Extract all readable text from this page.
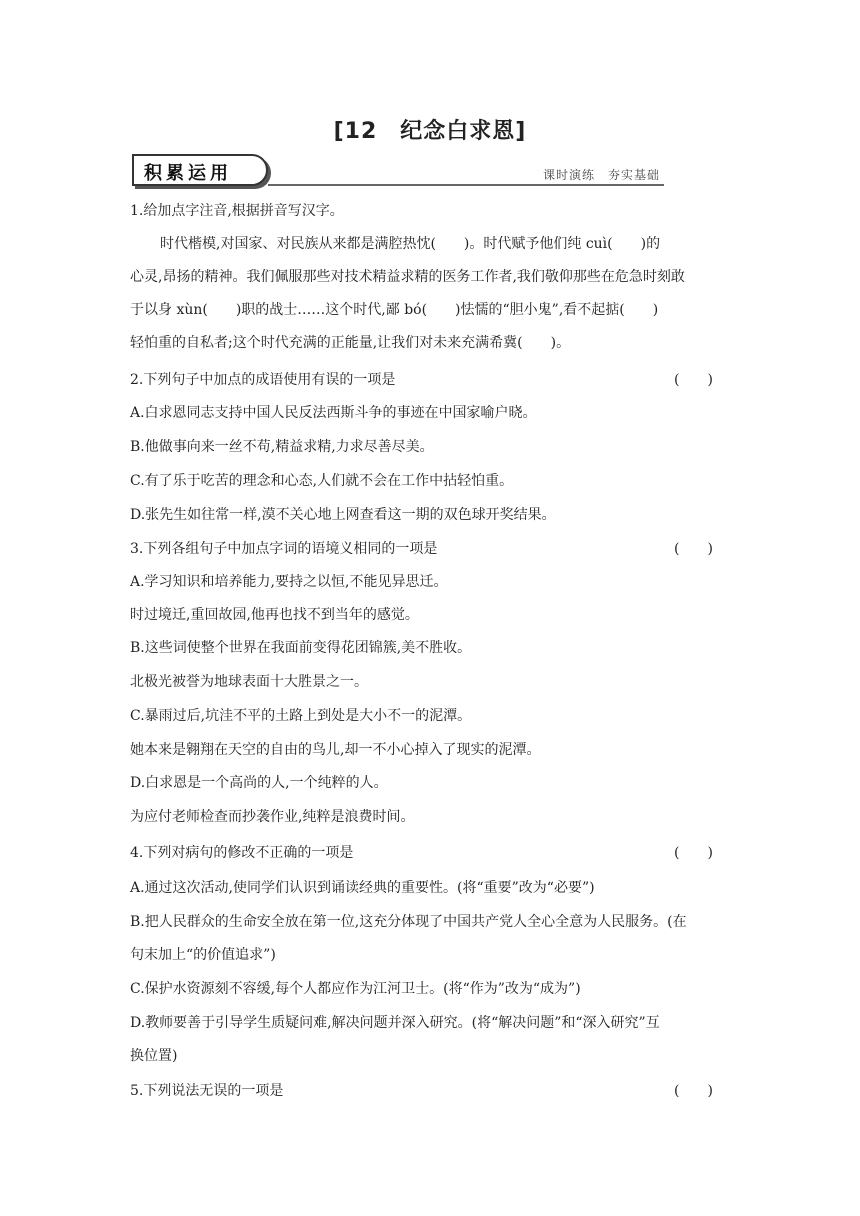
[12　纪念白求恩]
积累运用	课时演练　夯实基础
1.给加点字注音,根据拼音写汉字。
时代楷模,对国家、对民族从来都是满腔热忱(　　)。时代赋予他们纯 cuì(　　)的
心灵,昂扬的精神。我们佩服那些对技术精益求精的医务工作者,我们敬仰那些在危急时刻敢
于以身 xùn(　　)职的战士……这个时代,鄙 bó(　　)怯懦的“胆小鬼”,看不起掂(　　)
轻怕重的自私者;这个时代充满的正能量,让我们对未来充满希冀(　　)。
2.下列句子中加点的成语使用有误的一项是	(　　)
A.白求恩同志支持中国人民反法西斯斗争的事迹在中国家喻户晓。
B.他做事向来一丝不苟,精益求精,力求尽善尽美。
C.有了乐于吃苦的理念和心态,人们就不会在工作中拈轻怕重。
D.张先生如往常一样,漠不关心地上网查看这一期的双色球开奖结果。
3.下列各组句子中加点字词的语境义相同的一项是	(　　)
A.学习知识和培养能力,要持之以恒,不能见异思迁。
时过境迁,重回故园,他再也找不到当年的感觉。
B.这些词使整个世界在我面前变得花团锦簇,美不胜收。
北极光被誉为地球表面十大胜景之一。
C.暴雨过后,坑洼不平的土路上到处是大小不一的泥潭。
她本来是翱翔在天空的自由的鸟儿,却一不小心掉入了现实的泥潭。
D.白求恩是一个高尚的人,一个纯粹的人。
为应付老师检查而抄袭作业,纯粹是浪费时间。
4.下列对病句的修改不正确的一项是	(　　)
A.通过这次活动,使同学们认识到诵读经典的重要性。(将“重要”改为“必要”)
B.把人民群众的生命安全放在第一位,这充分体现了中国共产党人全心全意为人民服务。(在
句末加上“的价值追求”)
C.保护水资源刻不容缓,每个人都应作为江河卫士。(将“作为”改为“成为”)
D.教师要善于引导学生质疑问难,解决问题并深入研究。(将“解决问题”和“深入研究”互
换位置)
5.下列说法无误的一项是	(　　)
